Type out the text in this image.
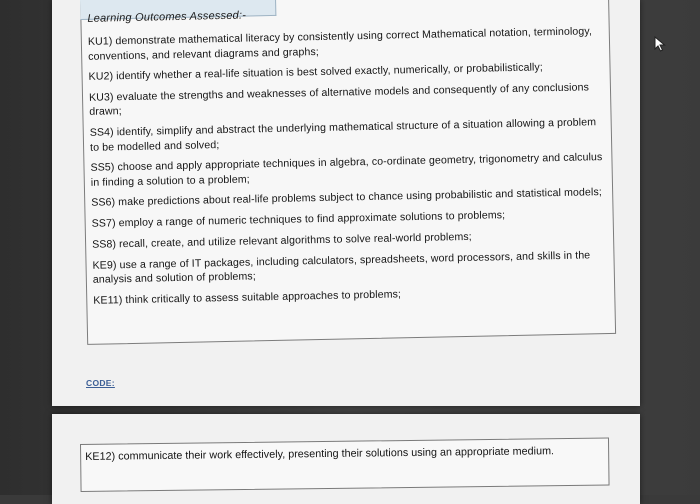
Learning Outcomes Assessed:-
KU1) demonstrate mathematical literacy by consistently using correct Mathematical notation, terminology, conventions, and relevant diagrams and graphs;
KU2) identify whether a real-life situation is best solved exactly, numerically, or probabilistically;
KU3) evaluate the strengths and weaknesses of alternative models and consequently of any conclusions drawn;
SS4) identify, simplify and abstract the underlying mathematical structure of a situation allowing a problem to be modelled and solved;
SS5) choose and apply appropriate techniques in algebra, co-ordinate geometry, trigonometry and calculus in finding a solution to a problem;
SS6) make predictions about real-life problems subject to chance using probabilistic and statistical models;
SS7) employ a range of numeric techniques to find approximate solutions to problems;
SS8) recall, create, and utilize relevant algorithms to solve real-world problems;
KE9) use a range of IT packages, including calculators, spreadsheets, word processors, and skills in the analysis and solution of problems;
KE11) think critically to assess suitable approaches to problems;
CODE:
KE12) communicate their work effectively, presenting their solutions using an appropriate medium.
